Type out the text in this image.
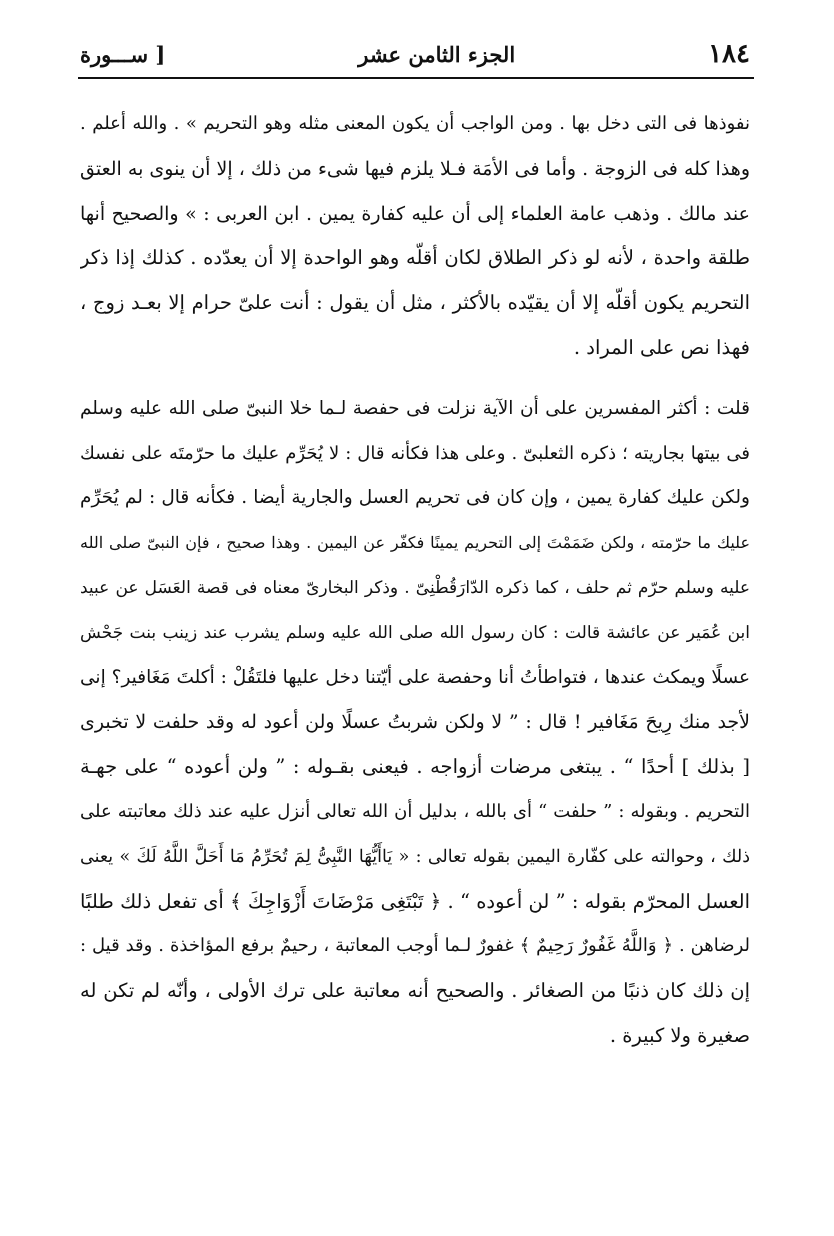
١٨٤
الجزء الثامن عشر
[ ســـورة
نفوذها فى التى دخل بها . ومن الواجب أن يكون المعنى مثله وهو التحريم » . والله أعلم .
وهذا كله فى الزوجة . وأما فى الأمَة فـلا يلزم فيها شىء من ذلك ، إلا أن ينوى به العتق
عند مالك . وذهب عامة العلماء إلى أن عليه كفارة يمين . ابن العربى : » والصحيح أنها
طلقة واحدة ، لأنه لو ذكر الطلاق لكان أقلّه وهو الواحدة إلا أن يعدّده . كذلك إذا ذكر
التحريم يكون أقلّه إلا أن يقيّده بالأكثر ، مثل أن يقول : أنت علىّ حرام إلا بعـد زوج ،
فهذا نص على المراد .
قلت : أكثر المفسرين على أن الآية نزلت فى حفصة لـما خلا النبىّ صلى الله عليه وسلم
فى بيتها بجاريته ؛ ذكره الثعلبىّ . وعلى هذا فكأنه قال : لا يُحَرِّم عليك ما حرّمتَه على نفسك
ولكن عليك كفارة يمين ، وإن كان فى تحريم العسل والجارية أيضا . فكأنه قال : لم يُحَرِّم
عليك ما حرّمته ، ولكن ضَمَمْتَ إلى التحريم يمينًا فكفّر عن اليمين . وهذا صحيح ، فإن النبىّ صلى الله
عليه وسلم حرّم ثم حلف ، كما ذكره الدّارَقُطْنِىّ . وذكر البخارىّ معناه فى قصة العَسَل عن عبيد
ابن عُمَير عن عائشة قالت : كان رسول الله صلى الله عليه وسلم يشرب عند زينب بنت جَحْش
عسلًا ويمكث عندها ، فتواطأتُ أنا وحفصة على أيّتنا دخل عليها فلتَقُلْ : أكلتَ مَغَافير؟ إنى
لأجد منك رِيحَ مَغَافير ! قال : ” لا ولكن شربتُ عسلًا ولن أعود له وقد حلفت لا تخبرى
[ بذلك ] أحدًا “ . يبتغى مرضات أزواجه . فيعنى بقـوله : ” ولن أعوده “ على جهـة
التحريم . وبقوله : ” حلفت “ أى بالله ، بدليل أن الله تعالى أنزل عليه عند ذلك معاتبته على
ذلك ، وحوالته على كفّارة اليمين بقوله تعالى : « يَاأَيُّهَا النَّبِىُّ لِمَ تُحَرِّمُ مَا أَحَلَّ اللَّهُ لَكَ » يعنى
العسل المحرّم بقوله : ” لن أعوده “ . ﴿ تَبْتَغِى مَرْضَاتَ أَزْوَاجِكَ ﴾ أى تفعل ذلك طلبًا
لرضاهن . ﴿ وَاللَّهُ غَفُورٌ رَحِيمٌ ﴾ غفورٌ لـما أوجب المعاتبة ، رحيمٌ برفع المؤاخذة . وقد قيل :
إن ذلك كان ذنبًا من الصغائر . والصحيح أنه معاتبة على ترك الأولى ، وأنّه لم تكن له
صغيرة ولا كبيرة .
